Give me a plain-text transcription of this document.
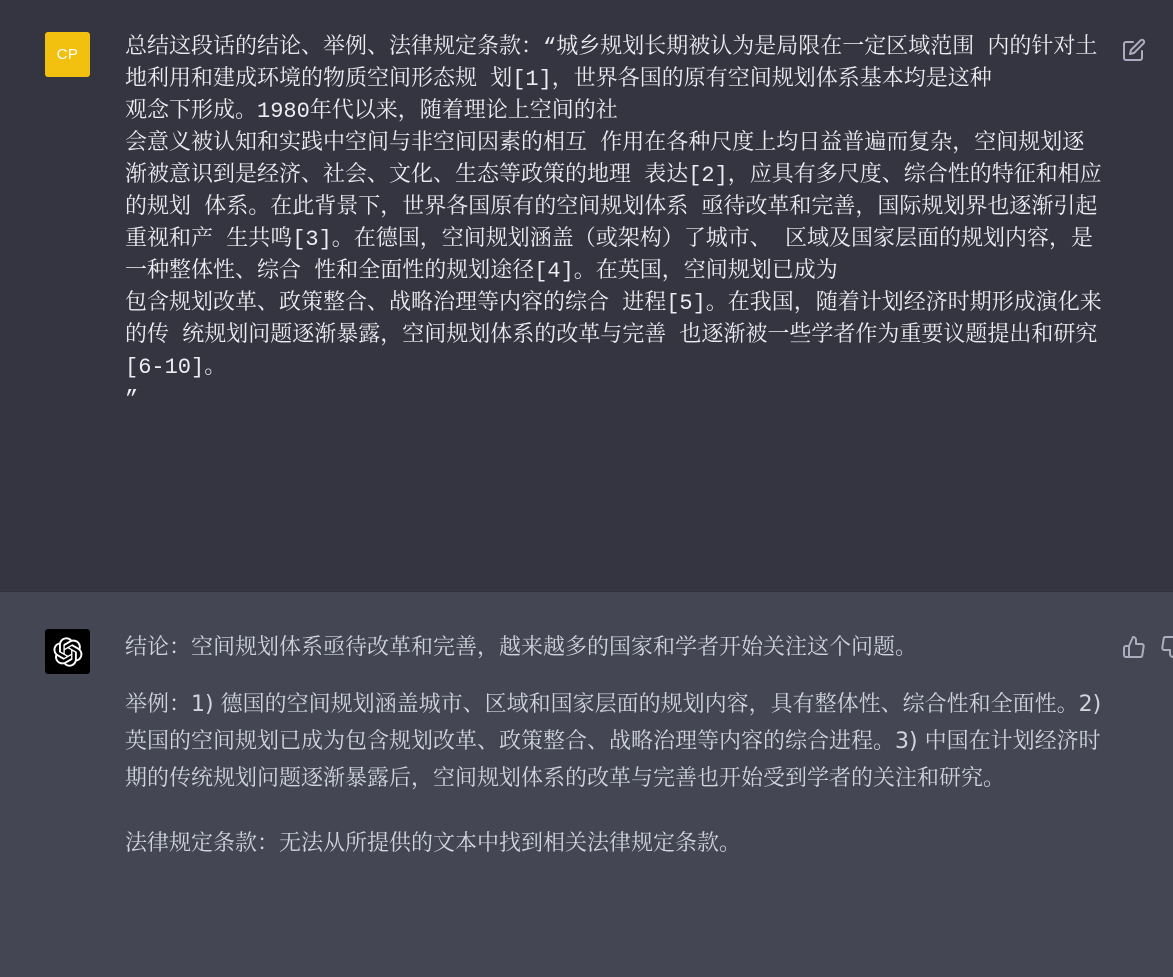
CP 总结这段话的结论、举例、法律规定条款：“城乡规划长期被认为是局限在一定区域范围 内的针对土地利用和建成环境的物质空间形态规 划[1]，世界各国的原有空间规划体系基本均是这种
观念下形成。1980年代以来，随着理论上空间的社
会意义被认知和实践中空间与非空间因素的相互 作用在各种尺度上均日益普遍而复杂，空间规划逐 渐被意识到是经济、社会、文化、生态等政策的地理 表达[2]，应具有多尺度、综合性的特征和相应的规划 体系。在此背景下，世界各国原有的空间规划体系 亟待改革和完善，国际规划界也逐渐引起重视和产 生共鸣[3]。在德国，空间规划涵盖（或架构）了城市、 区域及国家层面的规划内容，是一种整体性、综合 性和全面性的规划途径[4]。在英国，空间规划已成为
包含规划改革、政策整合、战略治理等内容的综合 进程[5]。在我国，随着计划经济时期形成演化来的传 统规划问题逐渐暴露，空间规划体系的改革与完善 也逐渐被一些学者作为重要议题提出和研究[6-10]。
”

结论：空间规划体系亟待改革和完善，越来越多的国家和学者开始关注这个问题。

举例：1) 德国的空间规划涵盖城市、区域和国家层面的规划内容，具有整体性、综合性和全面性。2) 英国的空间规划已成为包含规划改革、政策整合、战略治理等内容的综合进程。3) 中国在计划经济时期的传统规划问题逐渐暴露后，空间规划体系的改革与完善也开始受到学者的关注和研究。

法律规定条款：无法从所提供的文本中找到相关法律规定条款。
